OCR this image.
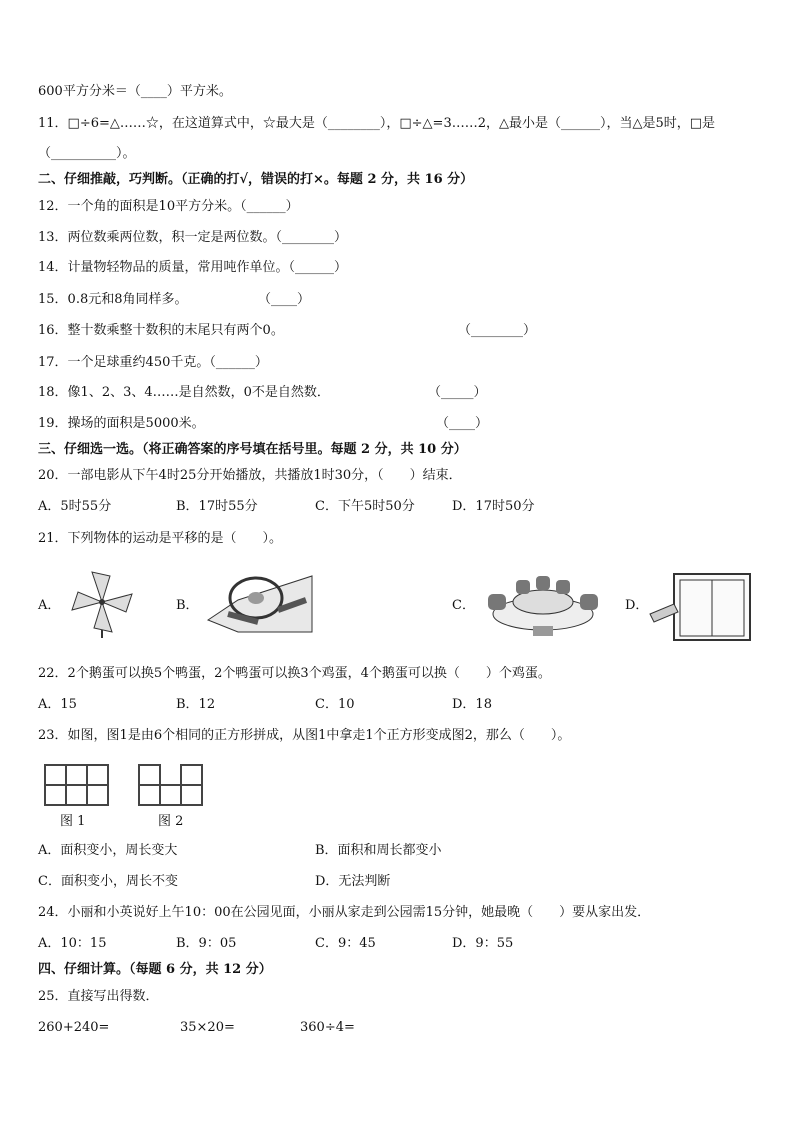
600平方分米＝（____）平方米。
11．□÷6=△……☆，在这道算式中，☆最大是（________），□÷△=3……2，△最小是（______），当△是5时，□是
（__________）。
二、仔细推敲，巧判断。（正确的打√，错误的打×。每题 2 分，共 16 分）
12．一个角的面积是10平方分米。（______）
13．两位数乘两位数，积一定是两位数。（________）
14．计量物轻物品的质量，常用吨作单位。（______）
15．0.8元和8角同样多。	（____）
16．整十数乘整十数积的末尾只有两个0。	（________）
17．一个足球重约450千克。（______）
18．像1、2、3、4……是自然数，0不是自然数．	（_____）
19．操场的面积是5000米。	（____）
三、仔细选一选。（将正确答案的序号填在括号里。每题 2 分，共 10 分）
20．一部电影从下午4时25分开始播放，共播放1时30分，（　　）结束．
A．5时55分	B．17时55分	C．下午5时50分	D．17时50分
21．下列物体的运动是平移的是（　　）。
A．	B．	C．	D．
22．2个鹅蛋可以换5个鸭蛋，2个鸭蛋可以换3个鸡蛋，4个鹅蛋可以换（　　）个鸡蛋。
A．15	B．12	C．10	D．18
23．如图，图1是由6个相同的正方形拼成，从图1中拿走1个正方形变成图2，那么（　　）。
图 1	图 2
A．面积变小，周长变大	B．面积和周长都变小
C．面积变小，周长不变	D．无法判断
24．小丽和小英说好上午10：00在公园见面，小丽从家走到公园需15分钟，她最晚（　　）要从家出发．
A．10：15	B．9：05	C．9：45	D．9：55
四、仔细计算。（每题 6 分，共 12 分）
25．直接写出得数．
260+240=	35×20=	360÷4=
